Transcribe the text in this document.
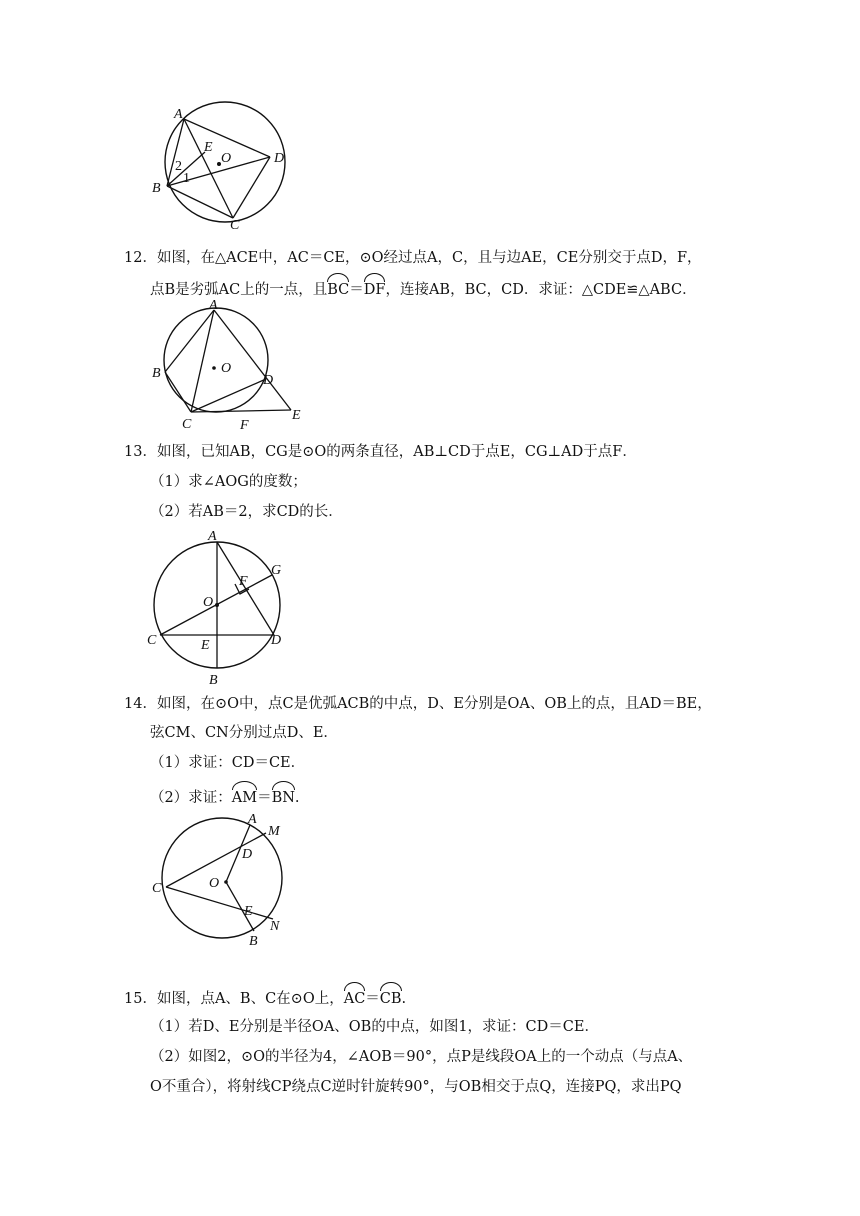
A
B
C
D
E
O
2
1
12．如图，在△ACE中，AC＝CE，⊙O经过点A，C，且与边AE，CE分别交于点D，F，
点B是劣弧AC上的一点，且BC＝DF，连接AB，BC，CD．求证：△CDE≌△ABC．
A
B
C
D
E
F
O
13．如图，已知AB，CG是⊙O的两条直径，AB⊥CD于点E，CG⊥AD于点F．
（1）求∠AOG的度数；
（2）若AB＝2，求CD的长．
A
B
C	D
E
F
G
O
14．如图，在⊙O中，点C是优弧ACB的中点，D、E分别是OA、OB上的点，且AD＝BE，
弦CM、CN分别过点D、E．
（1）求证：CD＝CE．
（2）求证：AM＝BN.
A
B
C
D
E
M
N
O
15．如图，点A、B、C在⊙O上，AC＝CB.
（1）若D、E分别是半径OA、OB的中点，如图1，求证：CD＝CE．
（2）如图2，⊙O的半径为4，∠AOB＝90°，点P是线段OA上的一个动点（与点A、
O不重合），将射线CP绕点C逆时针旋转90°，与OB相交于点Q，连接PQ，求出PQ
